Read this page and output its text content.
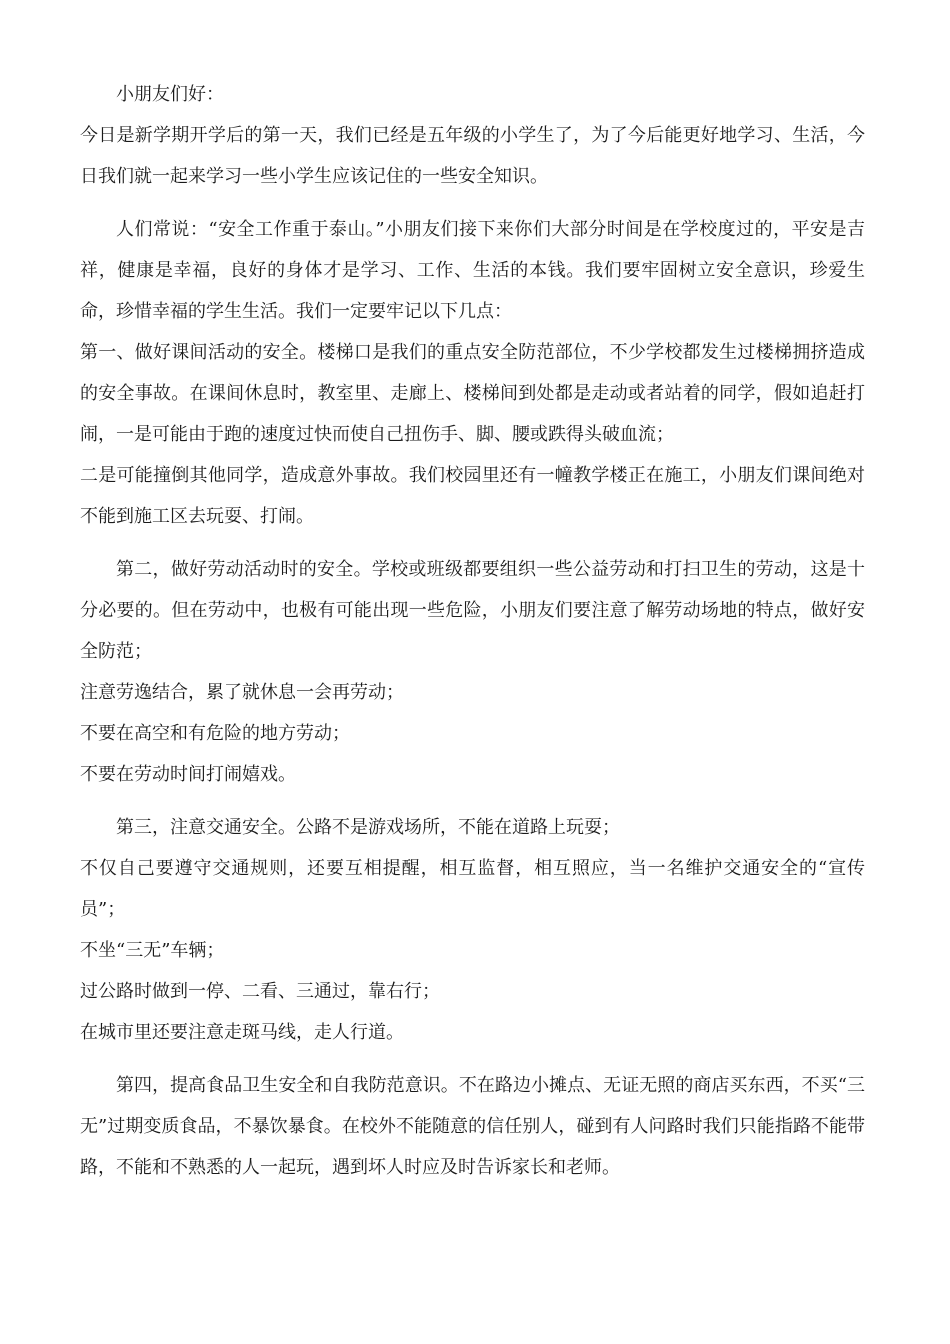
小朋友们好：

今日是新学期开学后的第一天，我们已经是五年级的小学生了，为了今后能更好地学习、生活，今日我们就一起来学习一些小学生应该记住的一些安全知识。

人们常说：“安全工作重于泰山。”小朋友们接下来你们大部分时间是在学校度过的，平安是吉祥，健康是幸福，良好的身体才是学习、工作、生活的本钱。我们要牢固树立安全意识，珍爱生命，珍惜幸福的学生生活。我们一定要牢记以下几点：

第一、做好课间活动的安全。楼梯口是我们的重点安全防范部位，不少学校都发生过楼梯拥挤造成的安全事故。在课间休息时，教室里、走廊上、楼梯间到处都是走动或者站着的同学，假如追赶打闹，一是可能由于跑的速度过快而使自己扭伤手、脚、腰或跌得头破血流；

二是可能撞倒其他同学，造成意外事故。我们校园里还有一幢教学楼正在施工，小朋友们课间绝对不能到施工区去玩耍、打闹。

第二，做好劳动活动时的安全。学校或班级都要组织一些公益劳动和打扫卫生的劳动，这是十分必要的。但在劳动中，也极有可能出现一些危险，小朋友们要注意了解劳动场地的特点，做好安全防范；

注意劳逸结合，累了就休息一会再劳动；

不要在高空和有危险的地方劳动；

不要在劳动时间打闹嬉戏。

第三，注意交通安全。公路不是游戏场所，不能在道路上玩耍；

不仅自己要遵守交通规则，还要互相提醒，相互监督，相互照应，当一名维护交通安全的“宣传员”；

不坐“三无”车辆；

过公路时做到一停、二看、三通过，靠右行；

在城市里还要注意走斑马线，走人行道。

第四，提高食品卫生安全和自我防范意识。不在路边小摊点、无证无照的商店买东西，不买“三无”过期变质食品，不暴饮暴食。在校外不能随意的信任别人，碰到有人问路时我们只能指路不能带路，不能和不熟悉的人一起玩，遇到坏人时应及时告诉家长和老师。
